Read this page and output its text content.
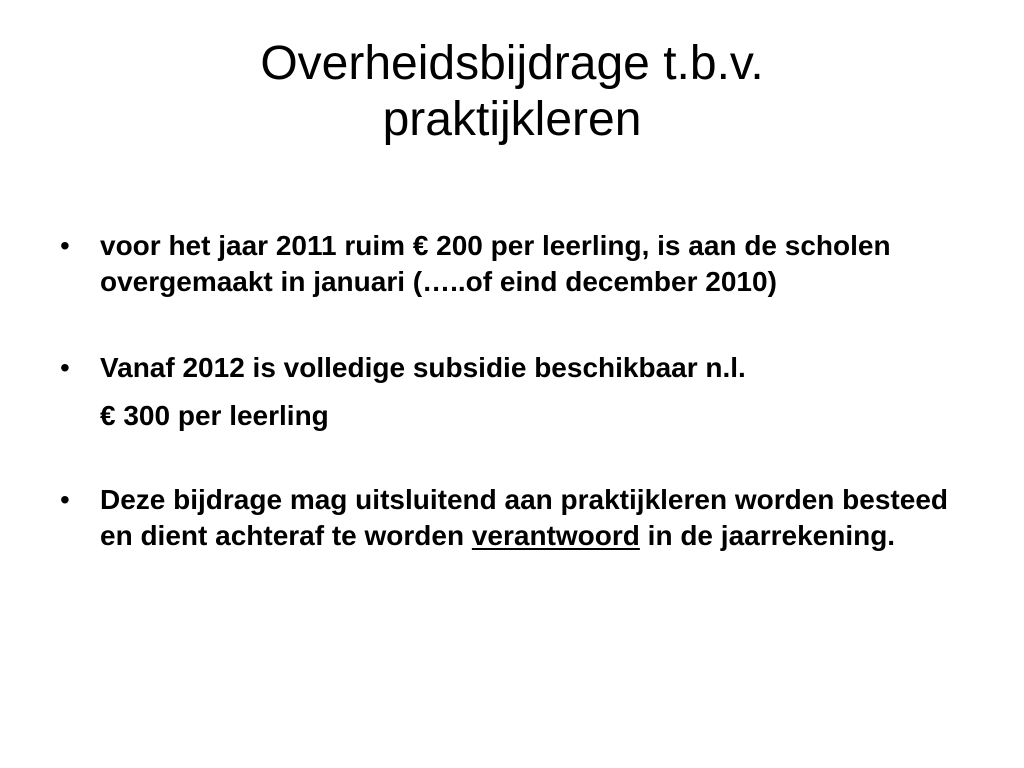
Overheidsbijdrage t.b.v.
praktijkleren
• voor het jaar 2011 ruim € 200 per leerling, is aan de scholen overgemaakt in januari (…..of eind december 2010)
• Vanaf 2012 is volledige subsidie beschikbaar n.l.
€ 300 per leerling
• Deze bijdrage mag uitsluitend aan praktijkleren worden besteed en dient achteraf te worden verantwoord in de jaarrekening.
